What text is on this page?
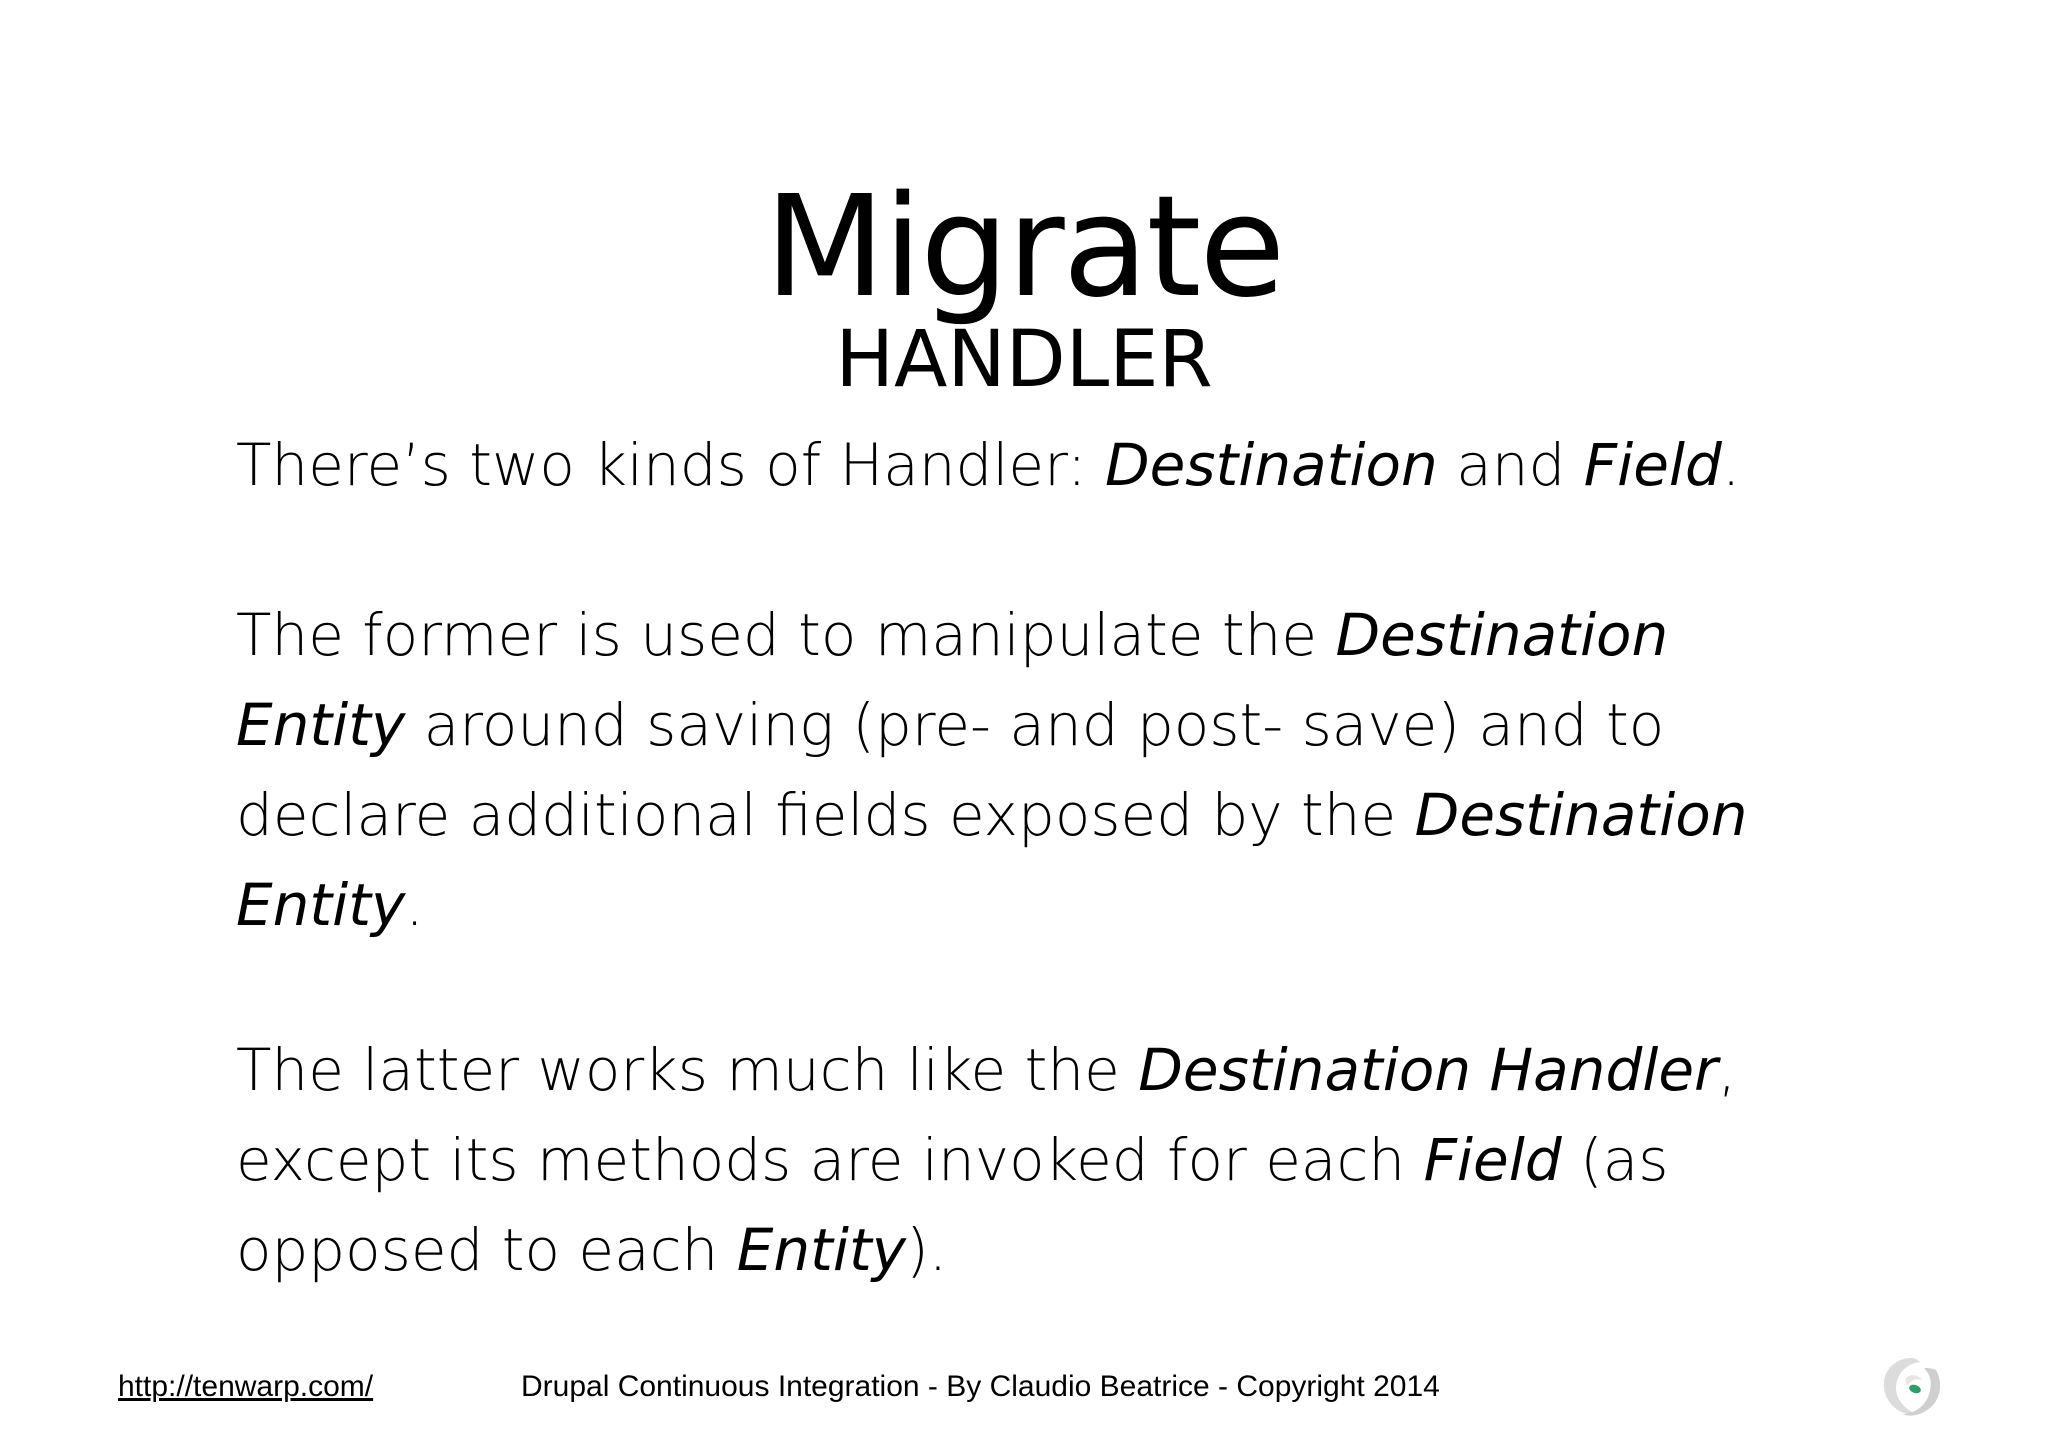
Migrate
HANDLER
There’s two kinds of Handler: Destination and Field.
The former is used to manipulate the Destination Entity around saving (pre- and post- save) and to declare additional fields exposed by the Destination Entity.
The latter works much like the Destination Handler, except its methods are invoked for each Field (as opposed to each Entity).
http://tenwarp.com/	Drupal Continuous Integration - By Claudio Beatrice - Copyright 2014
